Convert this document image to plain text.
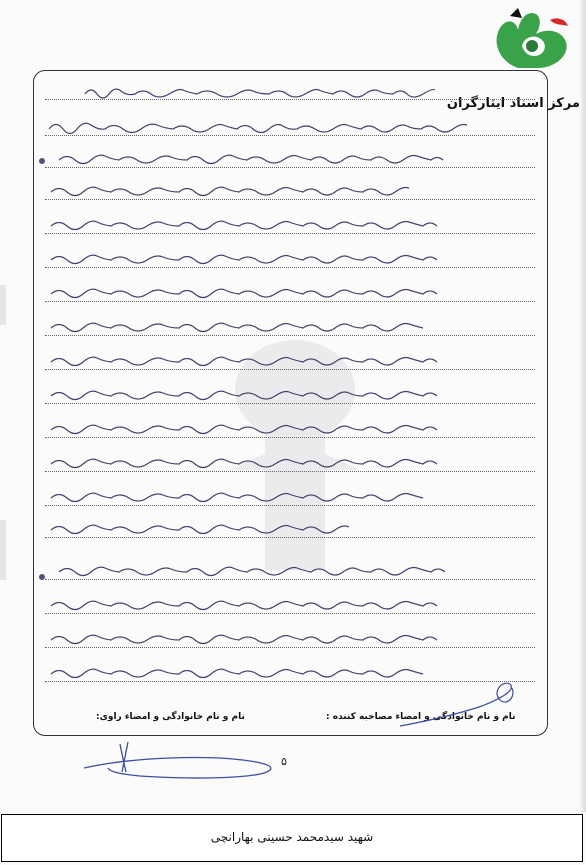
مرکز اسناد ایثارگران
نام و نام خانوادگی و امضاء مصاحبه کننده :
نام و نام خانوادگی و امضاء راوی:
۵
شهید سیدمحمد حسینی بهارانچی
